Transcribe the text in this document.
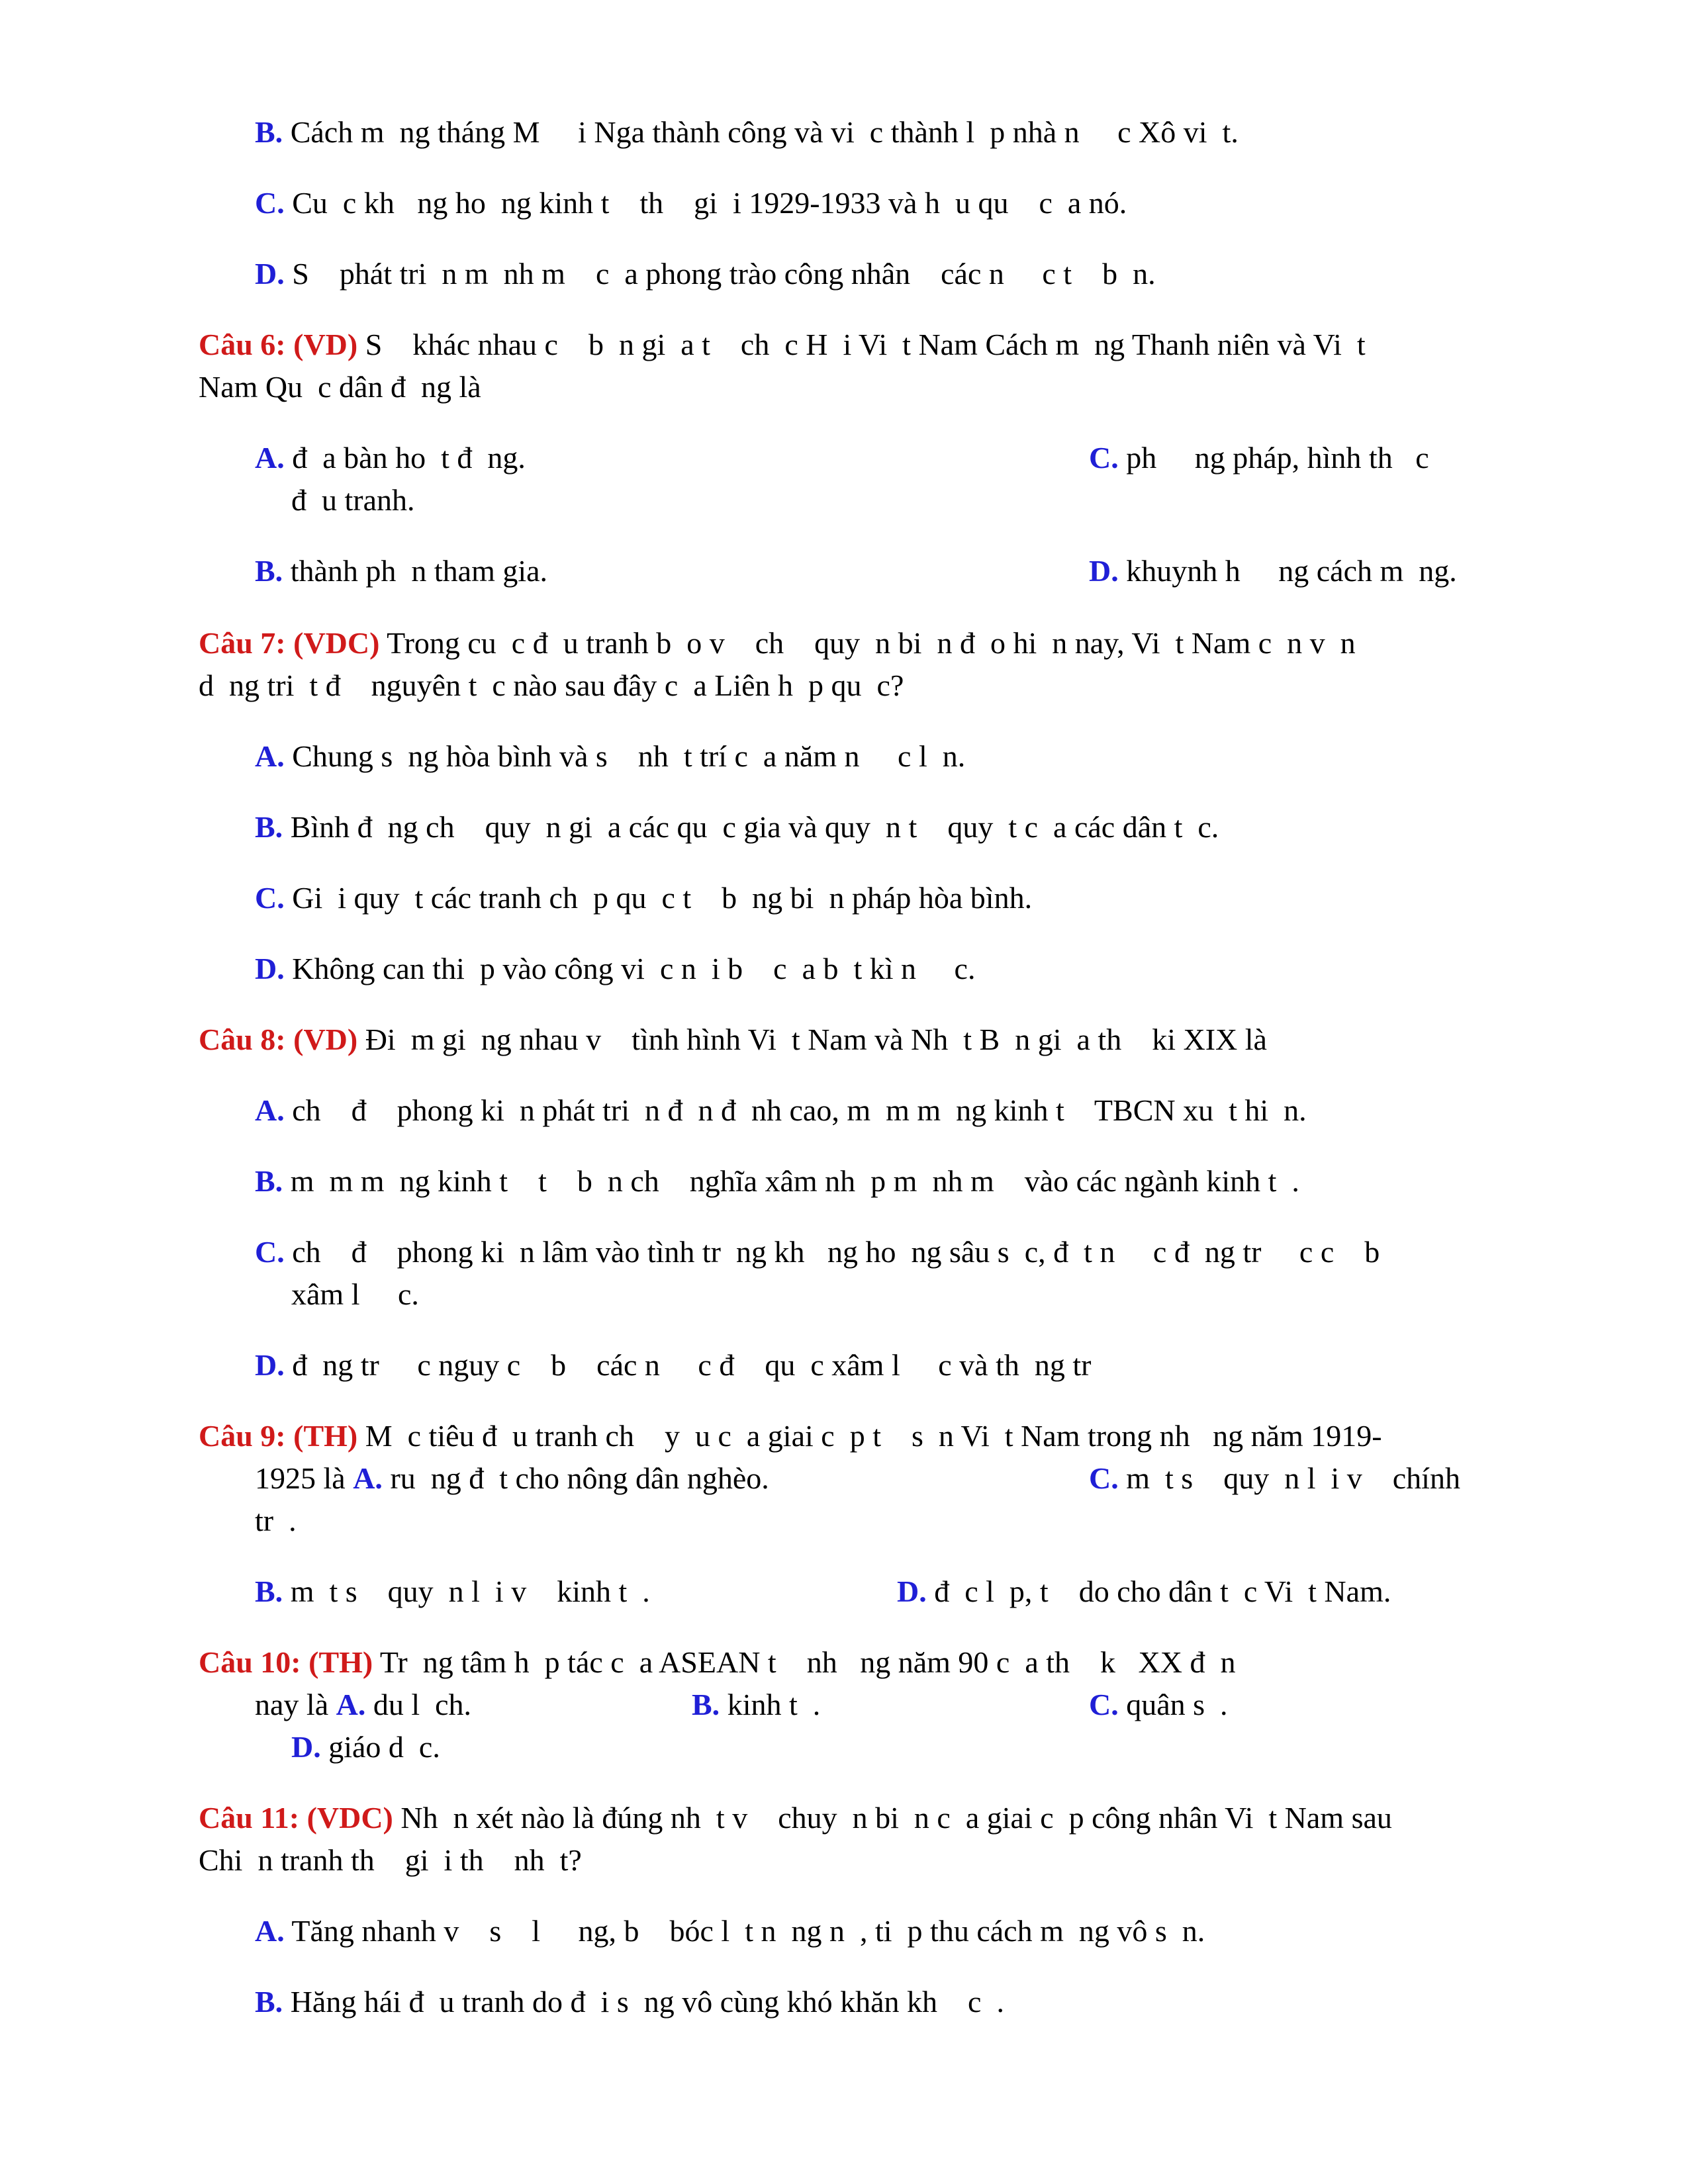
B. Cách m  ng tháng M     i Nga thành công và vi  c thành l  p nhà n     c Xô vi  t.
C. Cu  c kh   ng ho  ng kinh t    th    gi  i 1929-1933 và h  u qu    c  a nó.
D. S    phát tri  n m  nh m    c  a phong trào công nhân    các n     c t    b  n.
Câu 6: (VD) S    khác nhau c    b  n gi  a t    ch  c H  i Vi  t Nam Cách m  ng Thanh niên và Vi  t
Nam Qu  c dân đ  ng là
A. đ  a bàn ho  t đ  ng.	C. ph     ng pháp, hình th   c
đ  u tranh.
B. thành ph  n tham gia.	D. khuynh h     ng cách m  ng.
Câu 7: (VDC) Trong cu  c đ  u tranh b  o v    ch    quy  n bi  n đ  o hi  n nay, Vi  t Nam c  n v  n
d  ng tri  t đ    nguyên t  c nào sau đây c  a Liên h  p qu  c?
A. Chung s  ng hòa bình và s    nh  t trí c  a năm n     c l  n.
B. Bình đ  ng ch    quy  n gi  a các qu  c gia và quy  n t    quy  t c  a các dân t  c.
C. Gi  i quy  t các tranh ch  p qu  c t    b  ng bi  n pháp hòa bình.
D. Không can thi  p vào công vi  c n  i b    c  a b  t kì n     c.
Câu 8: (VD) Đi  m gi  ng nhau v    tình hình Vi  t Nam và Nh  t B  n gi  a th    ki XIX là
A. ch    đ    phong ki  n phát tri  n đ  n đ  nh cao, m  m m  ng kinh t    TBCN xu  t hi  n.
B. m  m m  ng kinh t    t    b  n ch    nghĩa xâm nh  p m  nh m    vào các ngành kinh t  .
C. ch    đ    phong ki  n lâm vào tình tr  ng kh   ng ho  ng sâu s  c, đ  t n     c đ  ng tr     c c    b
xâm l     c.
D. đ  ng tr     c nguy c    b    các n     c đ    qu  c xâm l     c và th  ng tr
Câu 9: (TH) M  c tiêu đ  u tranh ch    y  u c  a giai c  p t    s  n Vi  t Nam trong nh   ng năm 1919-
1925 là A. ru  ng đ  t cho nông dân nghèo.	C. m  t s    quy  n l  i v    chính
tr  .
B. m  t s    quy  n l  i v    kinh t  .	D. đ  c l  p, t    do cho dân t  c Vi  t Nam.
Câu 10: (TH) Tr  ng tâm h  p tác c  a ASEAN t    nh   ng năm 90 c  a th    k   XX đ  n
nay là A. du l  ch.	B. kinh t  .	C. quân s  .
D. giáo d  c.
Câu 11: (VDC) Nh  n xét nào là đúng nh  t v    chuy  n bi  n c  a giai c  p công nhân Vi  t Nam sau
Chi  n tranh th    gi  i th    nh  t?
A. Tăng nhanh v    s    l     ng, b    bóc l  t n  ng n  , ti  p thu cách m  ng vô s  n.
B. Hăng hái đ  u tranh do đ  i s  ng vô cùng khó khăn kh    c  .
